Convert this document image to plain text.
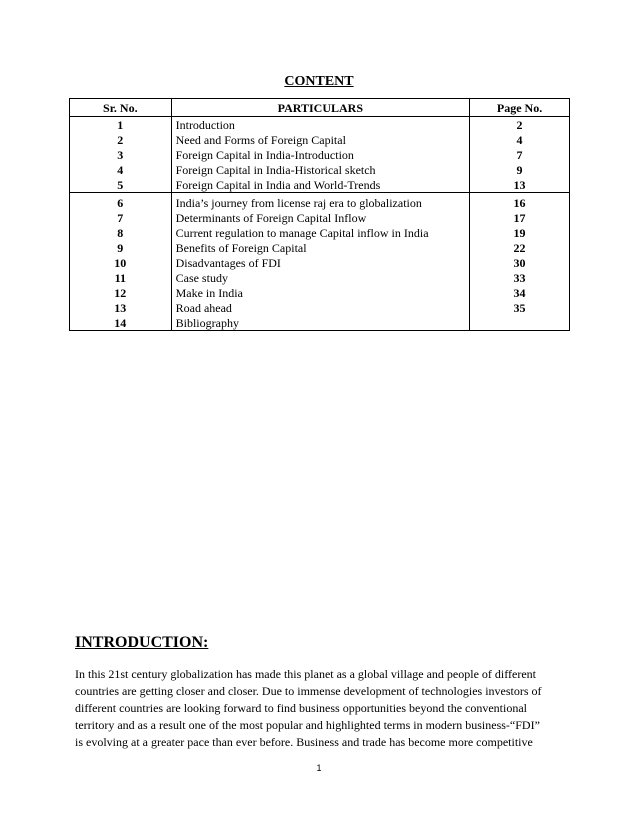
CONTENT
Sr. No.	PARTICULARS	Page No.
1	Introduction	2
2	Need and Forms of Foreign Capital	4
3	Foreign Capital in India-Introduction	7
4	Foreign Capital in India-Historical sketch	9
5	Foreign Capital in India and World-Trends	13
6	India’s journey from license raj era to globalization	16
7	Determinants of Foreign Capital Inflow	17
8	Current regulation to manage Capital inflow in India	19
9	Benefits of Foreign Capital	22
10	Disadvantages of FDI	30
11	Case study	33
12	Make in India	34
13	Road ahead	35
14	Bibliography	
INTRODUCTION:
In this 21st century globalization has made this planet as a global village and people of different
countries are getting closer and closer. Due to immense development of technologies investors of
different countries are looking forward to find business opportunities beyond the conventional
territory and as a result one of the most popular and highlighted terms in modern business-“FDI”
is evolving at a greater pace than ever before. Business and trade has become more competitive
1
